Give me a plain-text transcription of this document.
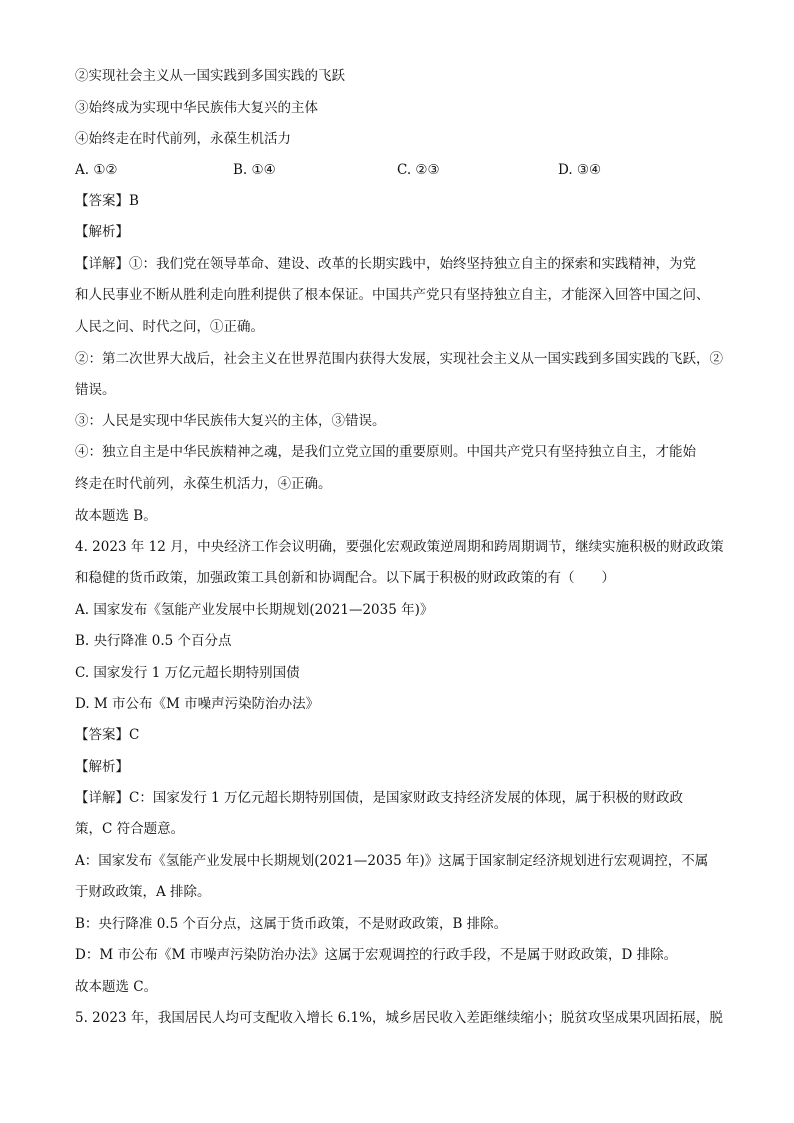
②实现社会主义从一国实践到多国实践的飞跃
③始终成为实现中华民族伟大复兴的主体
④始终走在时代前列，永葆生机活力
A. ①②	B. ①④	C. ②③	D. ③④
【答案】B
【解析】
【详解】①：我们党在领导革命、建设、改革的长期实践中，始终坚持独立自主的探索和实践精神，为党
和人民事业不断从胜利走向胜利提供了根本保证。中国共产党只有坚持独立自主，才能深入回答中国之问、
人民之问、时代之问，①正确。
②：第二次世界大战后，社会主义在世界范围内获得大发展，实现社会主义从一国实践到多国实践的飞跃，②
错误。
③：人民是实现中华民族伟大复兴的主体，③错误。
④：独立自主是中华民族精神之魂，是我们立党立国的重要原则。中国共产党只有坚持独立自主，才能始
终走在时代前列，永葆生机活力，④正确。
故本题选 B。
4. 2023 年 12 月，中央经济工作会议明确，要强化宏观政策逆周期和跨周期调节，继续实施积极的财政政策
和稳健的货币政策，加强政策工具创新和协调配合。以下属于积极的财政政策的有（　　）
A. 国家发布《氢能产业发展中长期规划(2021—2035 年)》
B. 央行降准 0.5 个百分点
C. 国家发行 1 万亿元超长期特别国债
D. M 市公布《M 市噪声污染防治办法》
【答案】C
【解析】
【详解】C：国家发行 1 万亿元超长期特别国债，是国家财政支持经济发展的体现，属于积极的财政政
策，C 符合题意。
A：国家发布《氢能产业发展中长期规划(2021—2035 年)》这属于国家制定经济规划进行宏观调控，不属
于财政政策，A 排除。
B：央行降准 0.5 个百分点，这属于货币政策，不是财政政策，B 排除。
D：M 市公布《M 市噪声污染防治办法》这属于宏观调控的行政手段，不是属于财政政策，D 排除。
故本题选 C。
5. 2023 年，我国居民人均可支配收入增长 6.1%，城乡居民收入差距继续缩小；脱贫攻坚成果巩固拓展，脱
